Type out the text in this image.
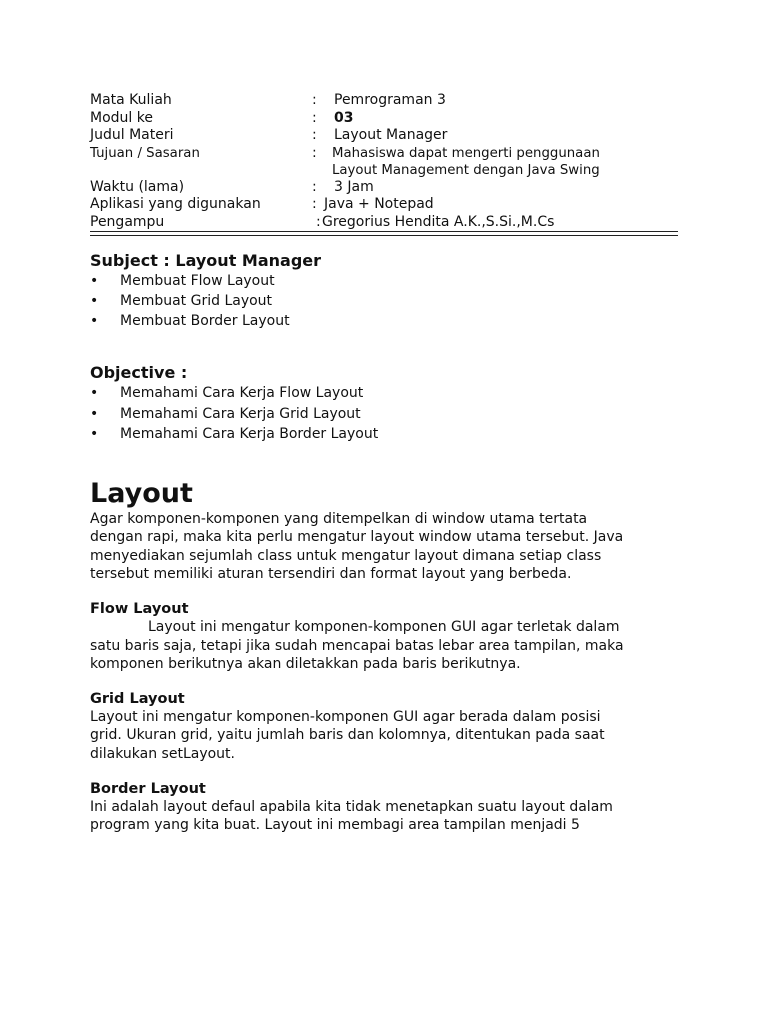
Mata Kuliah	:	Pemrograman 3
Modul ke	:	03
Judul Materi	:	Layout Manager
Tujuan / Sasaran	:	Mahasiswa dapat mengerti penggunaan
Layout Management dengan Java Swing
Waktu (lama)	:	3 Jam
Aplikasi yang digunakan	: Java + Notepad
Pengampu	: Gregorius Hendita A.K.,S.Si.,M.Cs
Subject : Layout Manager
• Membuat Flow Layout
• Membuat Grid Layout
• Membuat Border Layout
Objective :
• Memahami Cara Kerja Flow Layout
• Memahami Cara Kerja Grid Layout
• Memahami Cara Kerja Border Layout
Layout

Agar komponen-komponen yang ditempelkan di window utama tertata

dengan rapi, maka kita perlu mengatur layout window utama tersebut. Java

menyediakan sejumlah class untuk mengatur layout dimana setiap class

tersebut memiliki aturan tersendiri dan format layout yang berbeda.

Flow Layout

Layout ini mengatur komponen-komponen GUI agar terletak dalam

satu baris saja, tetapi jika sudah mencapai batas lebar area tampilan, maka

komponen berikutnya akan diletakkan pada baris berikutnya.

Grid Layout

Layout ini mengatur komponen-komponen GUI agar berada dalam posisi

grid. Ukuran grid, yaitu jumlah baris dan kolomnya, ditentukan pada saat

dilakukan setLayout.

Border Layout

Ini adalah layout defaul apabila kita tidak menetapkan suatu layout dalam

program yang kita buat. Layout ini membagi area tampilan menjadi 5
